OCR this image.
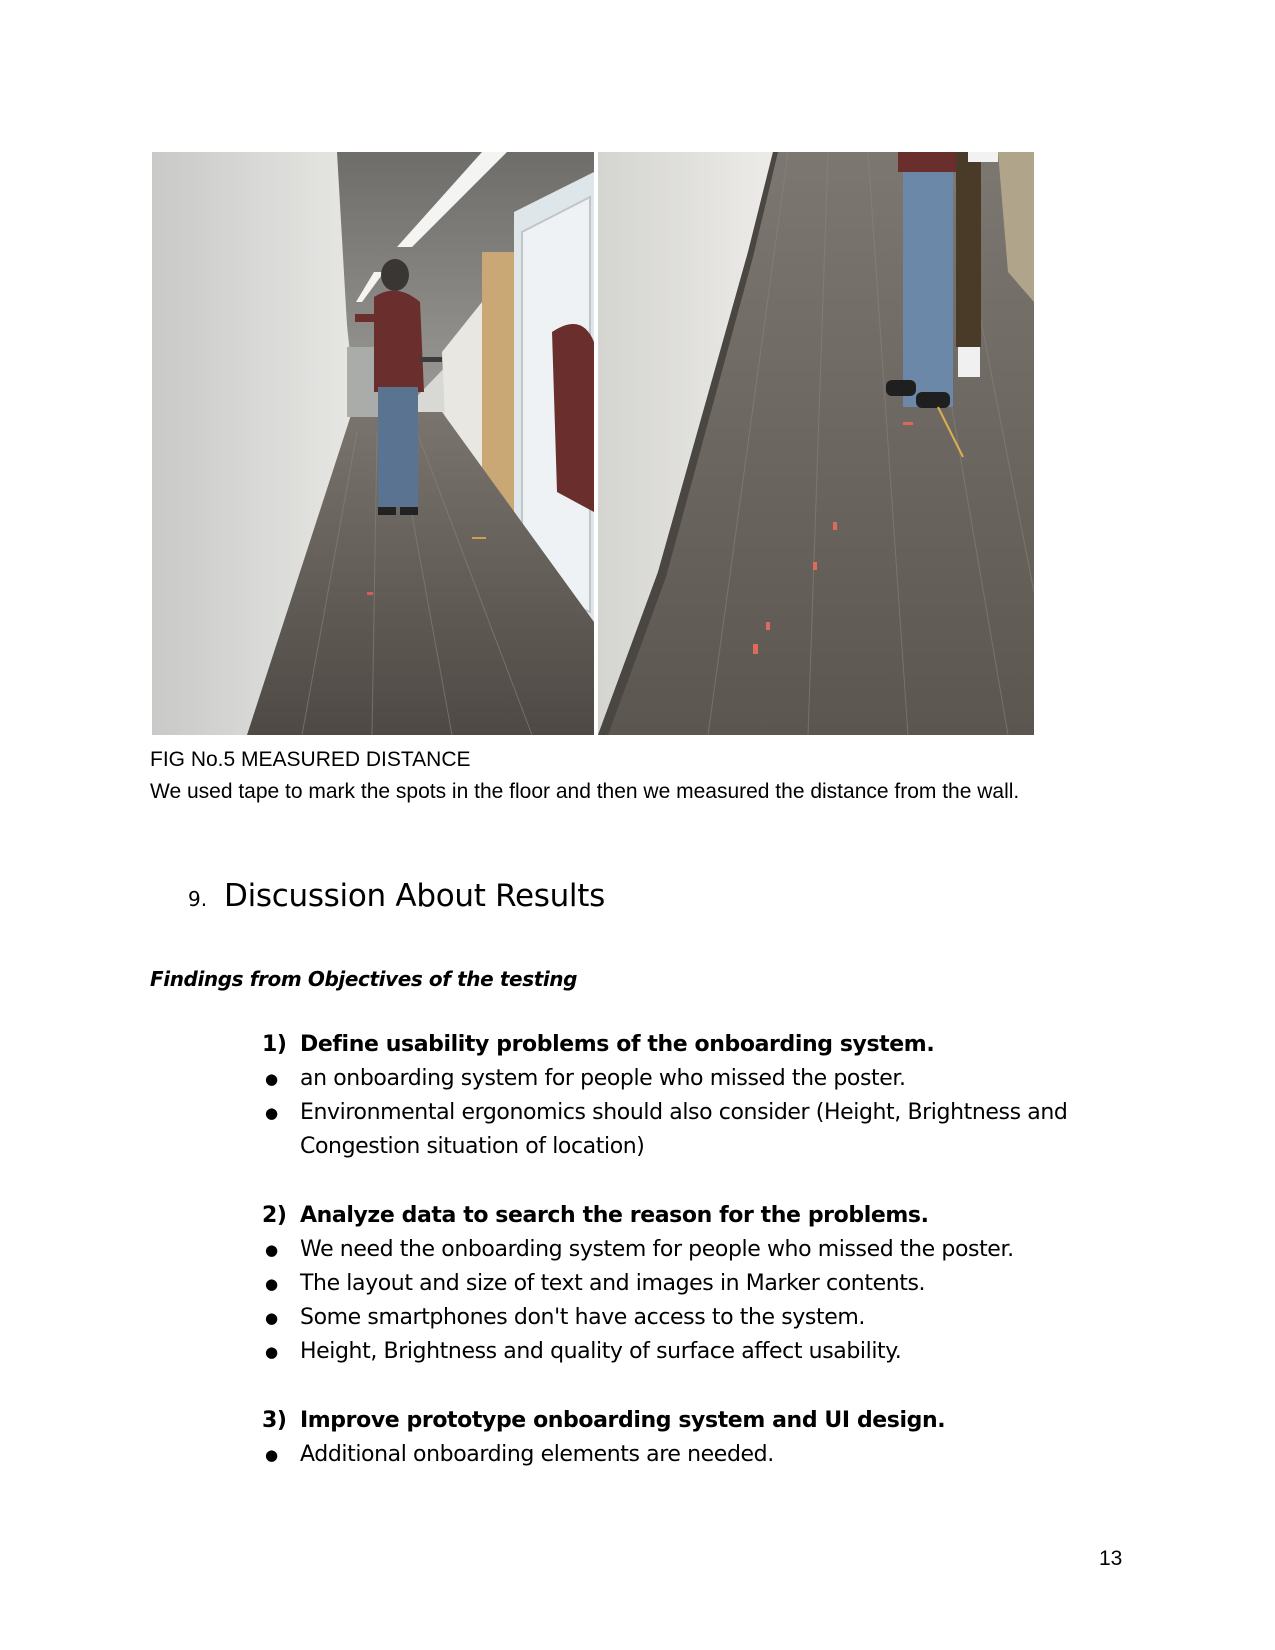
FIG No.5 MEASURED DISTANCE
We used tape to mark the spots in the floor and then we measured the distance from the wall.
9. Discussion About Results
Findings from Objectives of the testing
1) Define usability problems of the onboarding system.
● an onboarding system for people who missed the poster.
● Environmental ergonomics should also consider (Height, Brightness and Congestion situation of location)
2) Analyze data to search the reason for the problems.
● We need the onboarding system for people who missed the poster.
● The layout and size of text and images in Marker contents.
● Some smartphones don't have access to the system.
● Height, Brightness and quality of surface affect usability.
3) Improve prototype onboarding system and UI design.
● Additional onboarding elements are needed.
13
